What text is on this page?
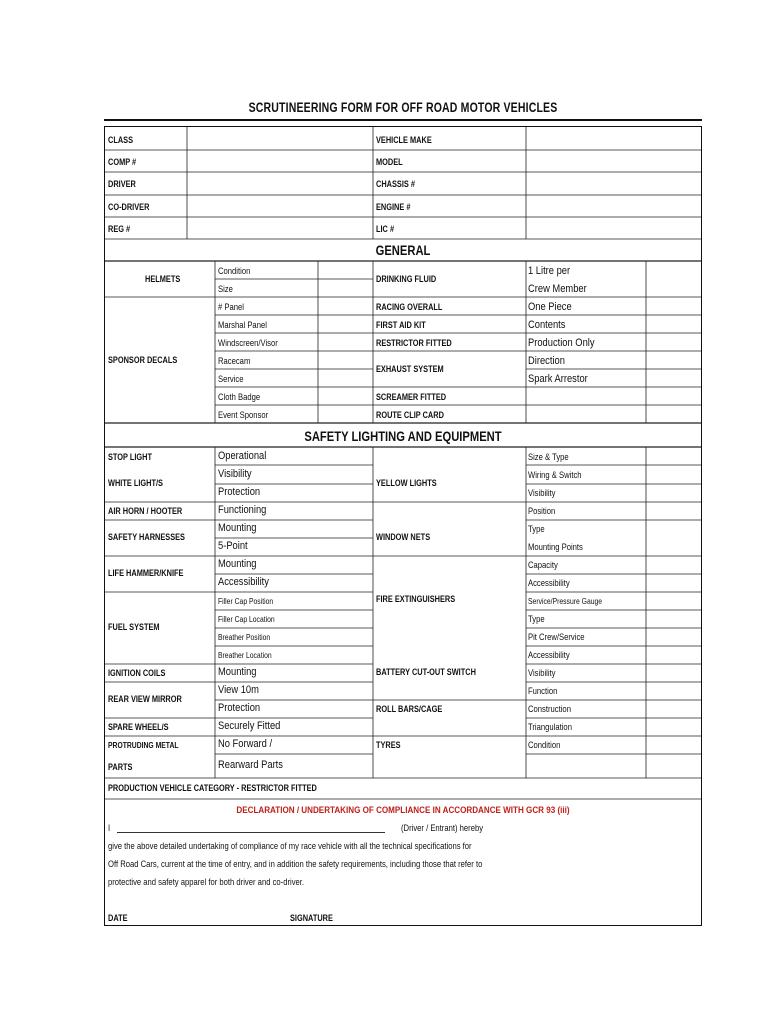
SCRUTINEERING FORM FOR OFF ROAD MOTOR VEHICLES
CLASS
COMP #
DRIVER
CO-DRIVER
REG #
VEHICLE MAKE
MODEL
CHASSIS #
ENGINE #
LIC #
GENERAL
HELMETS
SPONSOR DECALS
Condition
Size
# Panel
Marshal Panel
Windscreen/Visor
Racecam
Service
Cloth Badge
Event Sponsor
DRINKING FLUID
RACING OVERALL
FIRST AID KIT
RESTRICTOR FITTED
EXHAUST SYSTEM
SCREAMER FITTED
ROUTE CLIP CARD
1 Litre per
Crew Member
One Piece
Contents
Production Only
Direction
Spark Arrestor
SAFETY LIGHTING AND EQUIPMENT
STOP LIGHT
WHITE LIGHT/S
AIR HORN / HOOTER
SAFETY HARNESSES
LIFE HAMMER/KNIFE
FUEL SYSTEM
IGNITION COILS
REAR VIEW MIRROR
SPARE WHEEL/S
PROTRUDING METAL
PARTS
Operational
Visibility
Protection
Functioning
Mounting
5-Point
Mounting
Accessibility
Filler Cap Position
Filler Cap Location
Breather Position
Breather Location
Mounting
View 10m
Protection
Securely Fitted
No Forward /
Rearward Parts
YELLOW LIGHTS
WINDOW NETS
FIRE EXTINGUISHERS
BATTERY CUT-OUT SWITCH
ROLL BARS/CAGE
TYRES
Size & Type
Wiring & Switch
Visibility
Position
Type
Mounting Points
Capacity
Accessibility
Service/Pressure Gauge
Type
Pit Crew/Service
Accessibility
Visibility
Function
Construction
Triangulation
Condition
PRODUCTION VEHICLE CATEGORY - RESTRICTOR FITTED
DECLARATION / UNDERTAKING OF COMPLIANCE IN ACCORDANCE WITH GCR 93 (iii)
I	(Driver / Entrant) hereby
give the above detailed undertaking of compliance of my race vehicle with all the technical specifications for
Off Road Cars, current at the time of entry, and in addition the safety requirements, including those that refer to
protective and safety apparel for both driver and co-driver.
DATE	SIGNATURE
